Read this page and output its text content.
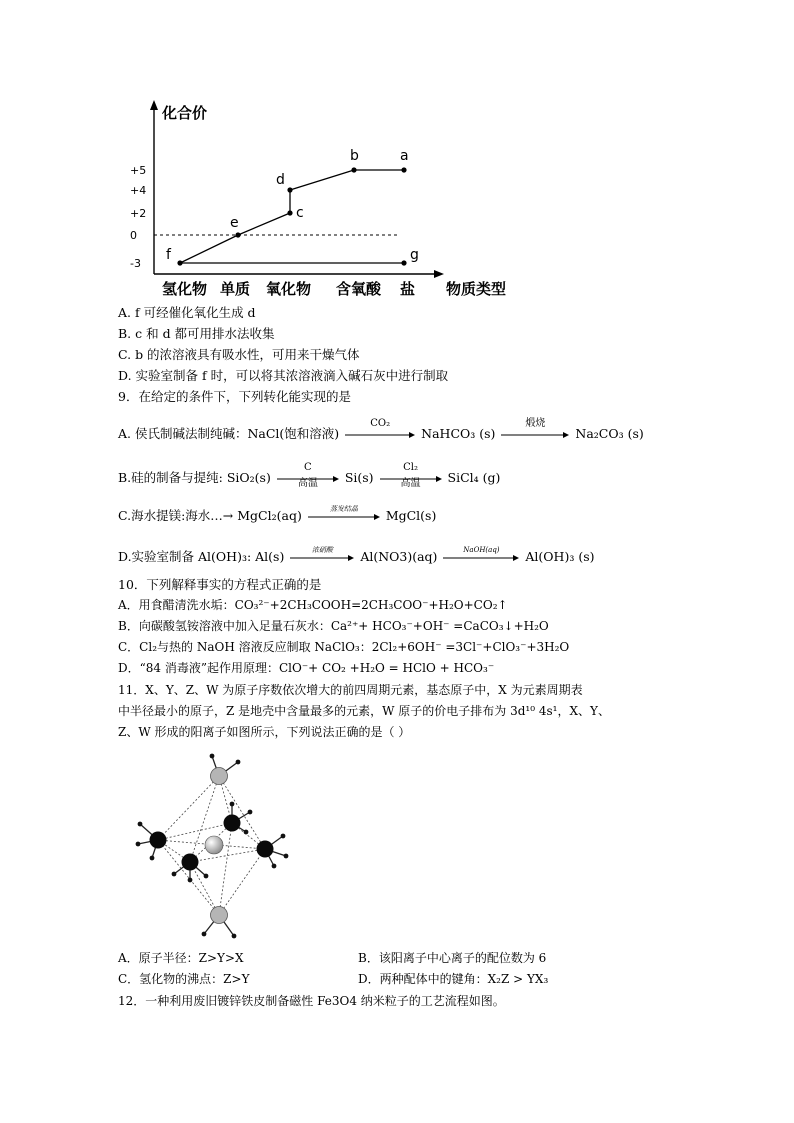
化合价
物质类型
+5
+4
+2
0
-3
氢化物 单质 氧化物 含氧酸 盐
f
e
c
d
b	a
g
A. f 可经催化氧化生成 d
B. c 和 d 都可用排水法收集
C. b 的浓溶液具有吸水性，可用来干燥气体
D. 实验室制备 f 时，可以将其浓溶液滴入碱石灰中进行制取
9．在给定的条件下，下列转化能实现的是
A. 侯氏制碱法制纯碱：NaCl(饱和溶液)
CO₂
NaHCO₃ (s)
煅烧
Na₂CO₃ (s)
B.硅的制备与提纯: SiO₂(s)
C
高温	Si(s)
Cl₂
高温	SiCl₄ (g)
C.海水提镁:海水…→ MgCl₂(aq)	蒸发结晶	MgCl(s)
D.实验室制备 Al(OH)₃: Al(s)	浓硝酸	Al(NO3)(aq)	NaOH(aq)	Al(OH)₃ (s)
10．下列解释事实的方程式正确的是
A．用食醋清洗水垢：CO₃²⁻+2CH₃COOH=2CH₃COO⁻+H₂O+CO₂↑
B．向碳酸氢铵溶液中加入足量石灰水：Ca²⁺+ HCO₃⁻+OH⁻ =CaCO₃↓+H₂O
C．Cl₂与热的 NaOH 溶液反应制取 NaClO₃：2Cl₂+6OH⁻ =3Cl⁻+ClO₃⁻+3H₂O
D．“84 消毒液”起作用原理：ClO⁻+ CO₂ +H₂O = HClO + HCO₃⁻
11．X、Y、Z、W 为原子序数依次增大的前四周期元素，基态原子中，X 为元素周期表
中半径最小的原子，Z 是地壳中含量最多的元素，W 原子的价电子排布为 3d¹⁰ 4s¹，X、Y、
Z、W 形成的阳离子如图所示，下列说法正确的是（ ）
A．原子半径：Z>Y>X	B．该阳离子中心离子的配位数为 6
C．氢化物的沸点：Z>Y	D．两种配体中的键角：X₂Z > YX₃
12．一种利用废旧镀锌铁皮制备磁性 Fe3O4 纳米粒子的工艺流程如图。
